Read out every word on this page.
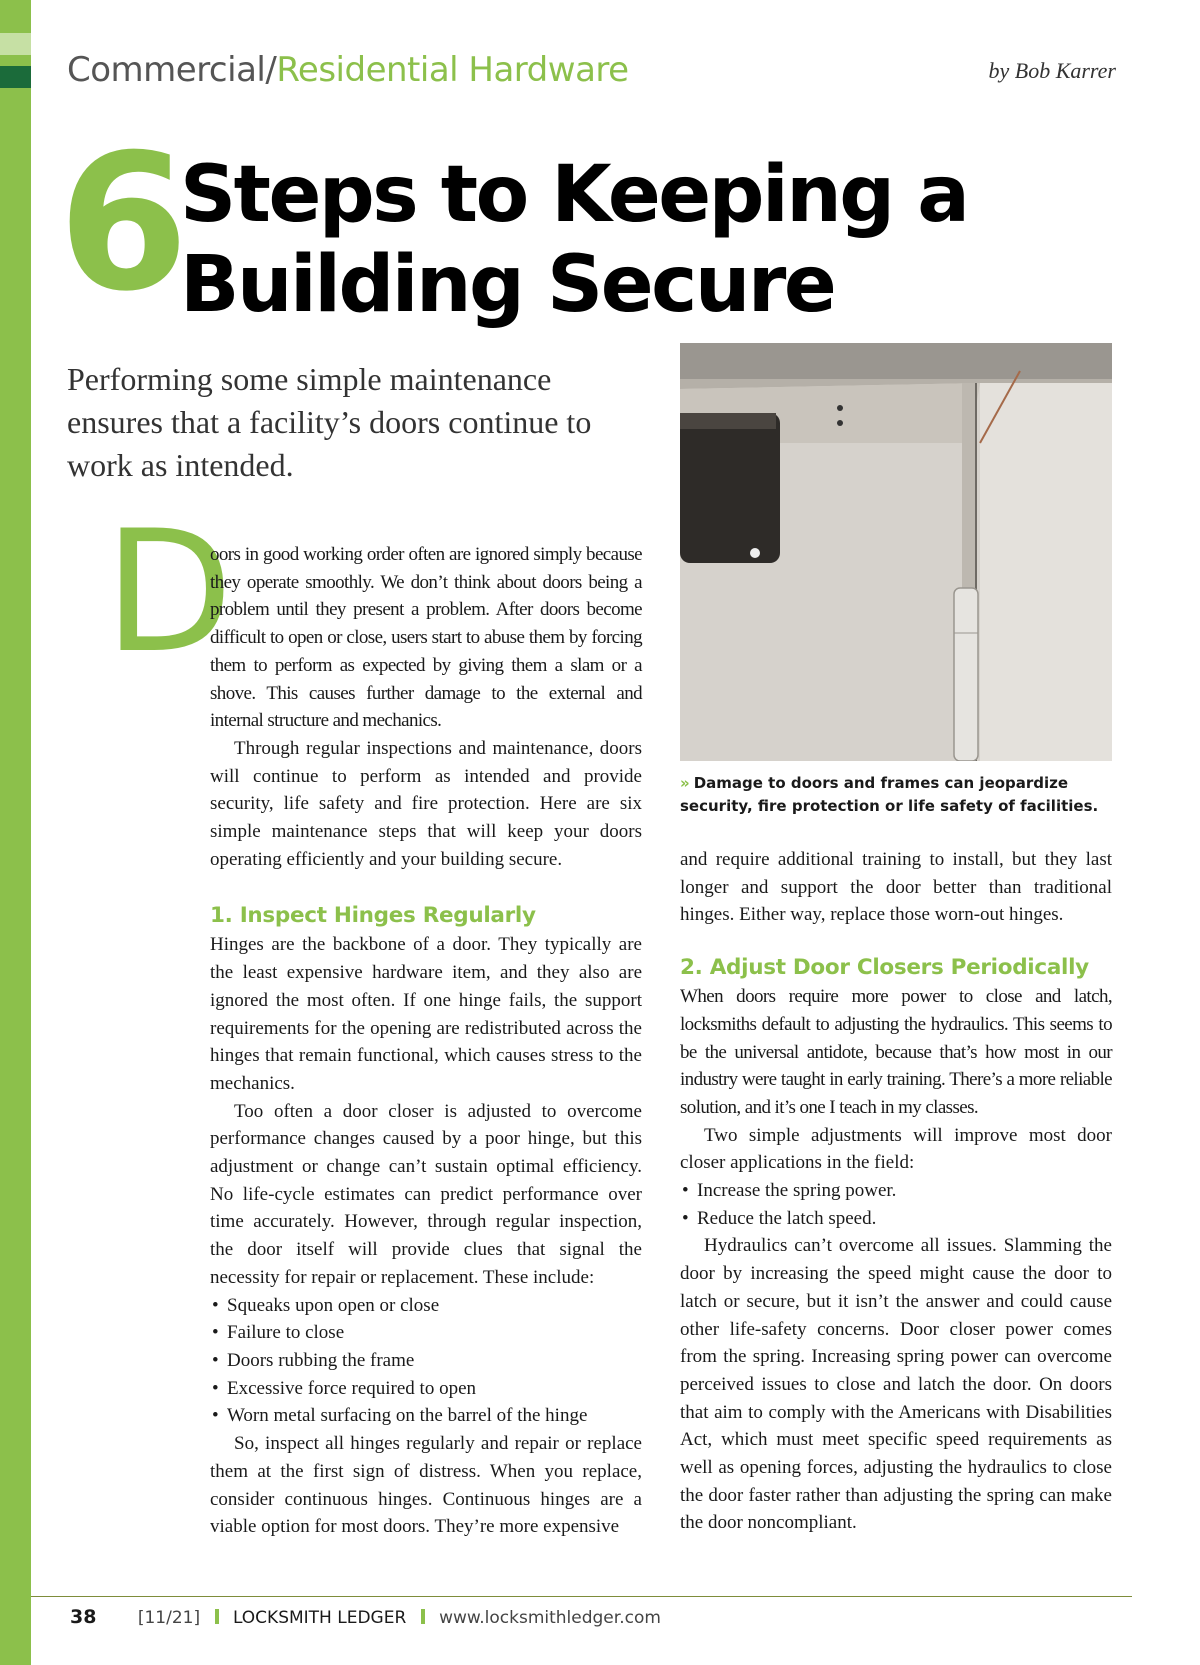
Commercial/Residential Hardware	by Bob Karrer
6
Steps to Keeping a
Building Secure
Performing some simple maintenance ensures that a facility’s doors continue to work as intended.
D
oors in good working order often are ignored simply because they operate smoothly. We don’t think about doors being a problem until they present a problem. After doors become difficult to open or close, users start to abuse them by forcing them to perform as expected by giving them a slam or a shove. This causes further damage to the external and internal structure and mechanics.
Through regular inspections and maintenance, doors will continue to perform as intended and provide security, life safety and fire protection. Here are six simple maintenance steps that will keep your doors operating efficiently and your building secure.
1. Inspect Hinges Regularly
Hinges are the backbone of a door. They typically are the least expensive hardware item, and they also are ignored the most often. If one hinge fails, the support requirements for the opening are redistributed across the hinges that remain functional, which causes stress to the mechanics.
Too often a door closer is adjusted to overcome performance changes caused by a poor hinge, but this adjustment or change can’t sustain optimal efficiency. No life-cycle estimates can predict performance over time accurately. However, through regular inspection, the door itself will provide clues that signal the necessity for repair or replacement. These include:
• Squeaks upon open or close
• Failure to close
• Doors rubbing the frame
• Excessive force required to open
• Worn metal surfacing on the barrel of the hinge
So, inspect all hinges regularly and repair or replace them at the first sign of distress. When you replace, consider continuous hinges. Continuous hinges are a viable option for most doors. They’re more expensive
» Damage to doors and frames can jeopardize security, fire protection or life safety of facilities.
and require additional training to install, but they last longer and support the door better than traditional hinges. Either way, replace those worn-out hinges.
2. Adjust Door Closers Periodically
When doors require more power to close and latch, locksmiths default to adjusting the hydraulics. This seems to be the universal antidote, because that’s how most in our industry were taught in early training. There’s a more reliable solution, and it’s one I teach in my classes.
Two simple adjustments will improve most door closer applications in the field:
• Increase the spring power.
• Reduce the latch speed.
Hydraulics can’t overcome all issues. Slamming the door by increasing the speed might cause the door to latch or secure, but it isn’t the answer and could cause other life-safety concerns. Door closer power comes from the spring. Increasing spring power can overcome perceived issues to close and latch the door. On doors that aim to comply with the Americans with Disabilities Act, which must meet specific speed requirements as well as opening forces, adjusting the hydraulics to close the door faster rather than adjusting the spring can make the door noncompliant.
38 [11/21] LOCKSMITH LEDGER www.locksmithledger.com
